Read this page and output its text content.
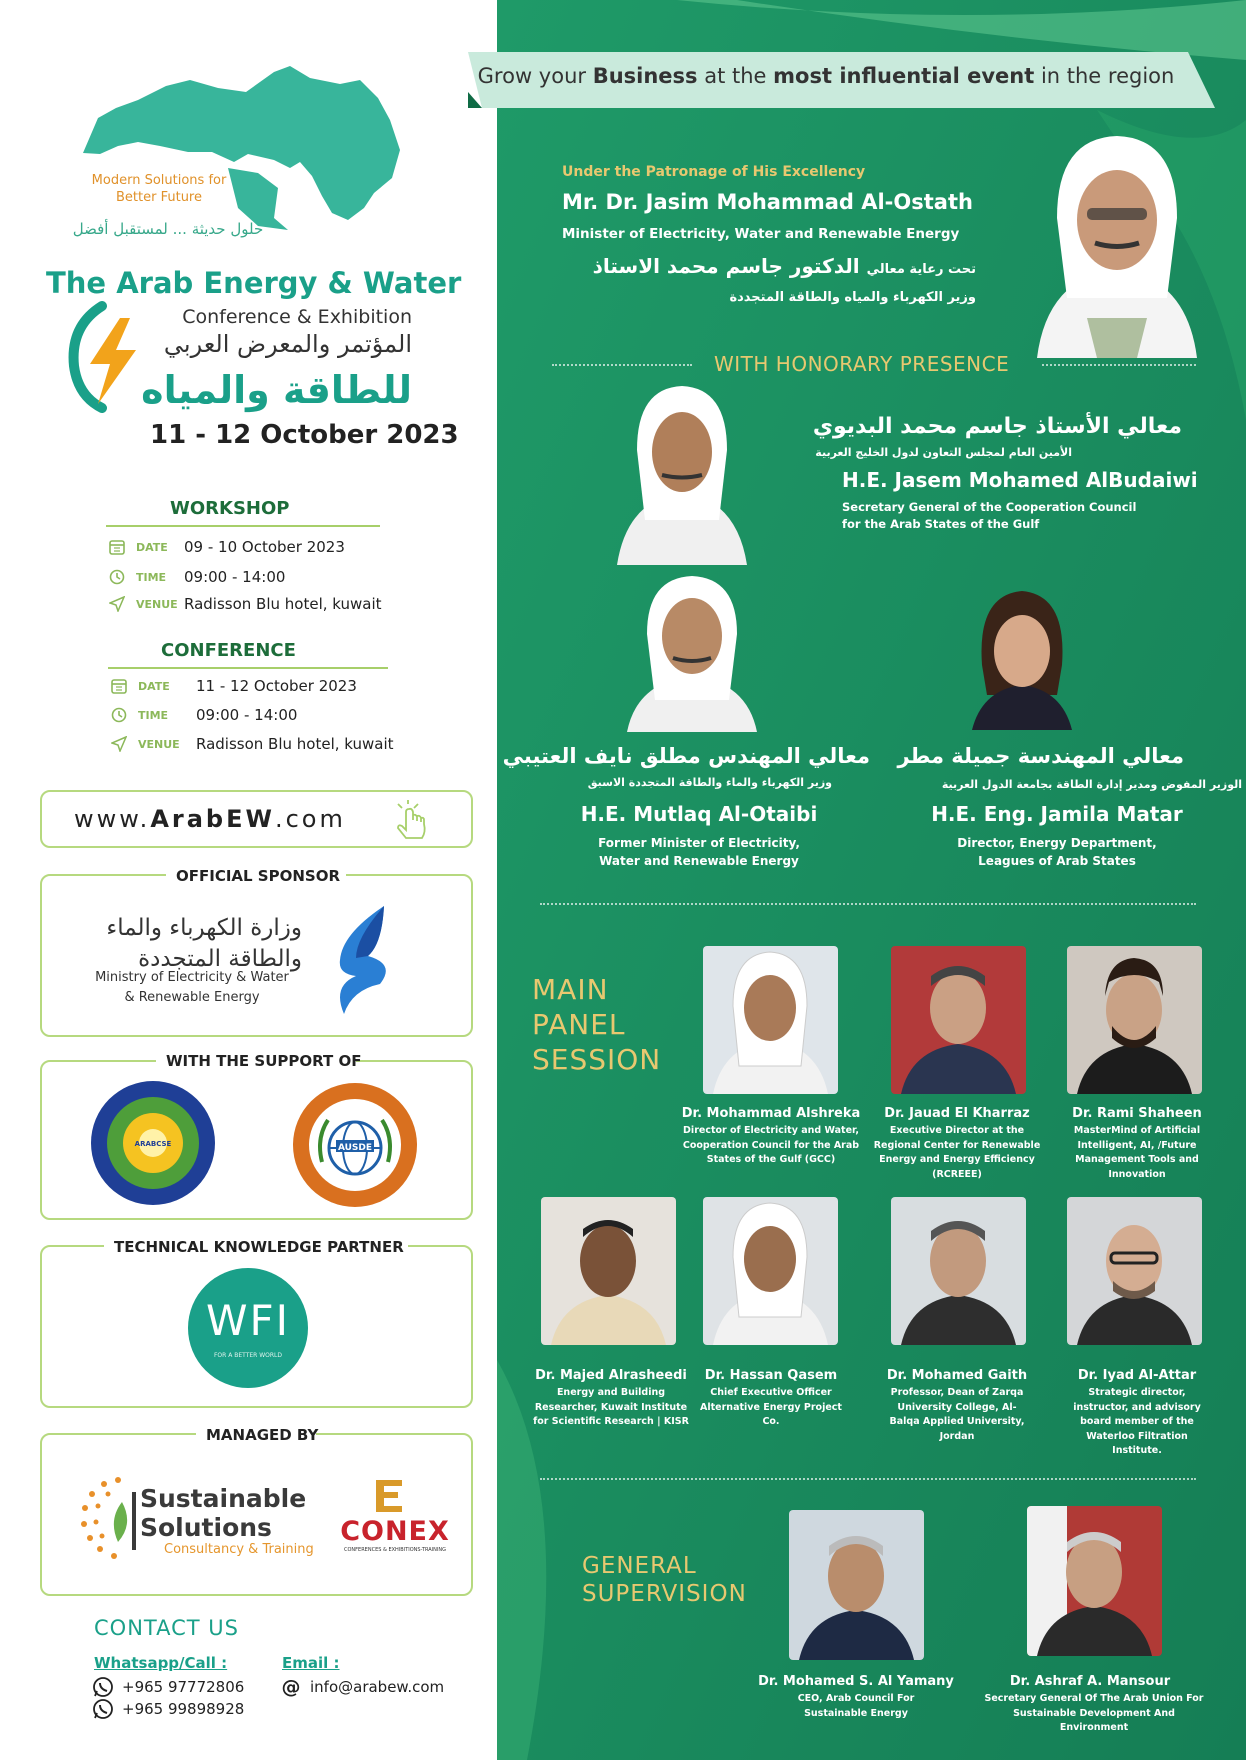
Modern Solutions for Better Future
حلول حديثة ... لمستقبل أفضل
The Arab Energy & Water
Conference & Exhibition
المؤتمر والمعرض العربي
للطاقة والمياه
11 - 12 October 2023
WORKSHOP
DATE	09 - 10 October 2023
TIME	09:00 - 14:00
VENUE Radisson Blu hotel, kuwait
CONFERENCE
DATE	11 - 12 October 2023
TIME	09:00 - 14:00
VENUE	Radisson Blu hotel, kuwait
www.ArabEW.com
OFFICIAL SPONSOR
وزارة الكهرباء والماء
والطاقة المتجددة
Ministry of Electricity & Water & Renewable Energy
WITH THE SUPPORT OF
ARABCSE	AUSDE
TECHNICAL KNOWLEDGE PARTNER
WFI
FOR A BETTER WORLD
MANAGED BY
Sustainable
Solutions
Consultancy & Training
CONEX
CONFERENCES & EXHIBITIONS-TRAINING
CONTACT US
Whatsapp/Call :
+965 97772806
+965 99898928
Email :
@ info@arabew.com
Grow your Business at the most influential event in the region
Under the Patronage of His Excellency
Mr. Dr. Jasim Mohammad Al-Ostath
Minister of Electricity, Water and Renewable Energy
تحت رعاية معالي الدكتور جاسم محمد الاستاذ
وزير الكهرباء والمياه والطاقة المتجددة
WITH HONORARY PRESENCE
معالي الأستاذ جاسم محمد البديوي
الأمين العام لمجلس التعاون لدول الخليج العربية
H.E. Jasem Mohamed AlBudaiwi
Secretary General of the Cooperation Council
for the Arab States of the Gulf
معالي المهندس مطلق نايف العتيبي
وزير الكهرباء والماء والطاقة المتجددة الاسبق
H.E. Mutlaq Al-Otaibi
Former Minister of Electricity,
Water and Renewable Energy
معالي المهندسة جميلة مطر
الوزير المفوض ومدير إدارة الطاقة بجامعة الدول العربية
H.E. Eng. Jamila Matar
Director, Energy Department,
Leagues of Arab States
MAIN
PANEL
SESSION
Dr. Mohammad Alshreka
Director of Electricity and Water, Cooperation Council for the Arab States of the Gulf (GCC)
Dr. Jauad El Kharraz
Executive Director at the Regional Center for Renewable Energy and Energy Efficiency (RCREEE)
Dr. Rami Shaheen
MasterMind of Artificial Intelligent, AI, /Future Management Tools and Innovation
Dr. Majed Alrasheedi
Energy and Building Researcher, Kuwait Institute for Scientific Research | KISR
Dr. Hassan Qasem
Chief Executive Officer Alternative Energy Project Co.
Dr. Mohamed Gaith
Professor, Dean of Zarqa University College, Al-Balqa Applied University, Jordan
Dr. Iyad Al-Attar
Strategic director, instructor, and advisory board member of the Waterloo Filtration Institute.
GENERAL
SUPERVISION
Dr. Mohamed S. Al Yamany
CEO, Arab Council For Sustainable Energy
Dr. Ashraf A. Mansour
Secretary General Of The Arab Union For Sustainable Development And Environment
